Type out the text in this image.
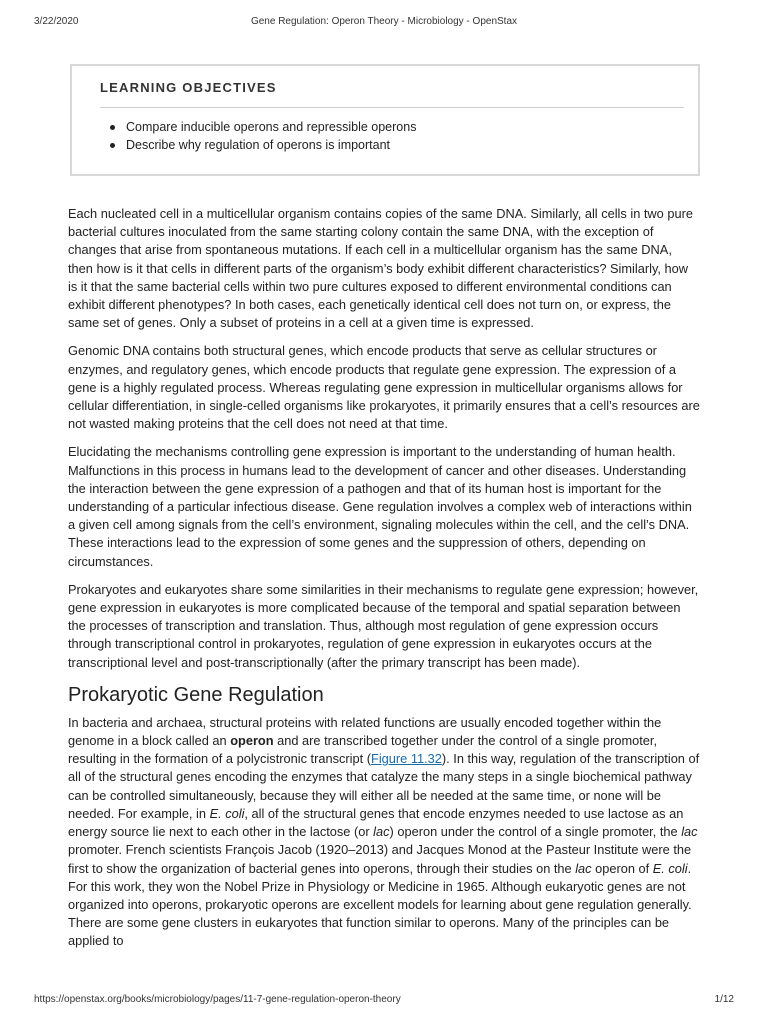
3/22/2020	Gene Regulation: Operon Theory - Microbiology - OpenStax
LEARNING OBJECTIVES
Compare inducible operons and repressible operons
Describe why regulation of operons is important

Each nucleated cell in a multicellular organism contains copies of the same DNA. Similarly, all cells in two pure bacterial cultures inoculated from the same starting colony contain the same DNA, with the exception of changes that arise from spontaneous mutations. If each cell in a multicellular organism has the same DNA, then how is it that cells in different parts of the organism’s body exhibit different characteristics? Similarly, how is it that the same bacterial cells within two pure cultures exposed to different environmental conditions can exhibit different phenotypes? In both cases, each genetically identical cell does not turn on, or express, the same set of genes. Only a subset of proteins in a cell at a given time is expressed.

Genomic DNA contains both structural genes, which encode products that serve as cellular structures or enzymes, and regulatory genes, which encode products that regulate gene expression. The expression of a gene is a highly regulated process. Whereas regulating gene expression in multicellular organisms allows for cellular differentiation, in single-celled organisms like prokaryotes, it primarily ensures that a cell’s resources are not wasted making proteins that the cell does not need at that time.

Elucidating the mechanisms controlling gene expression is important to the understanding of human health. Malfunctions in this process in humans lead to the development of cancer and other diseases. Understanding the interaction between the gene expression of a pathogen and that of its human host is important for the understanding of a particular infectious disease. Gene regulation involves a complex web of interactions within a given cell among signals from the cell’s environment, signaling molecules within the cell, and the cell’s DNA. These interactions lead to the expression of some genes and the suppression of others, depending on circumstances.

Prokaryotes and eukaryotes share some similarities in their mechanisms to regulate gene expression; however, gene expression in eukaryotes is more complicated because of the temporal and spatial separation between the processes of transcription and translation. Thus, although most regulation of gene expression occurs through transcriptional control in prokaryotes, regulation of gene expression in eukaryotes occurs at the transcriptional level and post-transcriptionally (after the primary transcript has been made).

Prokaryotic Gene Regulation

In bacteria and archaea, structural proteins with related functions are usually encoded together within the genome in a block called an operon and are transcribed together under the control of a single promoter, resulting in the formation of a polycistronic transcript (Figure 11.32). In this way, regulation of the transcription of all of the structural genes encoding the enzymes that catalyze the many steps in a single biochemical pathway can be controlled simultaneously, because they will either all be needed at the same time, or none will be needed. For example, in E. coli, all of the structural genes that encode enzymes needed to use lactose as an energy source lie next to each other in the lactose (or lac) operon under the control of a single promoter, the lac promoter. French scientists François Jacob (1920–2013) and Jacques Monod at the Pasteur Institute were the first to show the organization of bacterial genes into operons, through their studies on the lac operon of E. coli. For this work, they won the Nobel Prize in Physiology or Medicine in 1965. Although eukaryotic genes are not organized into operons, prokaryotic operons are excellent models for learning about gene regulation generally. There are some gene clusters in eukaryotes that function similar to operons. Many of the principles can be applied to

https://openstax.org/books/microbiology/pages/11-7-gene-regulation-operon-theory	1/12
